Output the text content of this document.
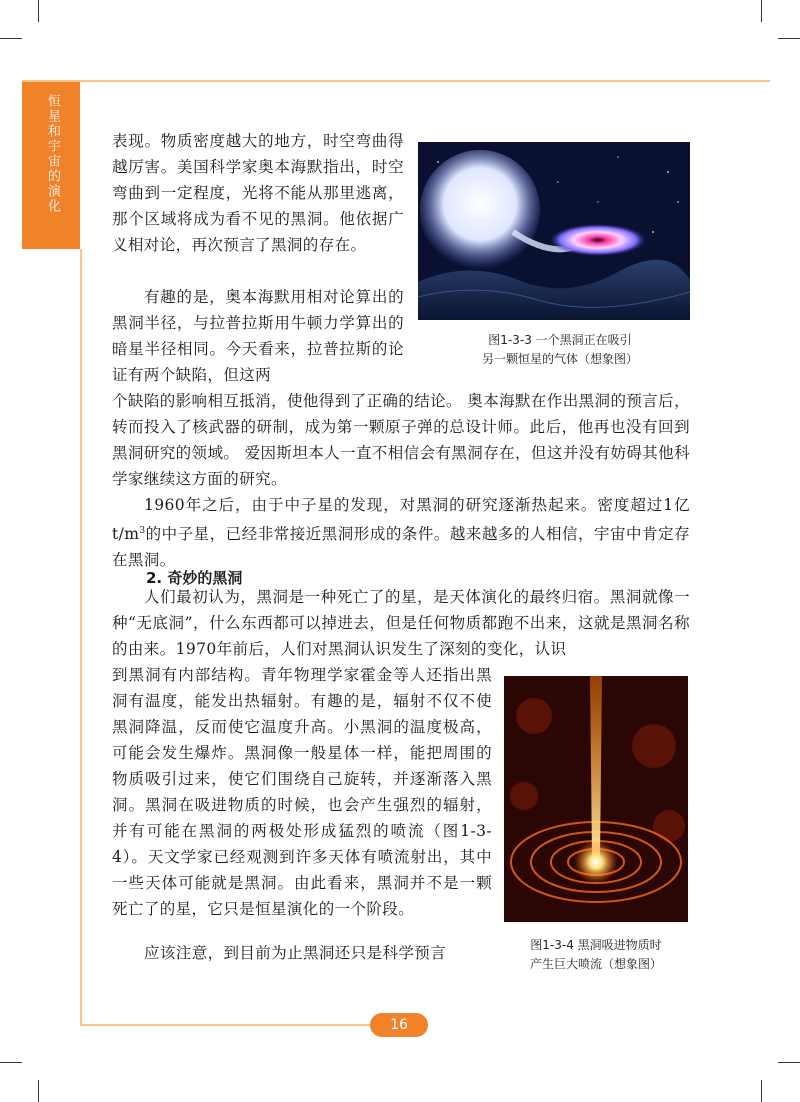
恒星和宇宙的演化	表现。物质密度越大的地方，时空弯曲得越厉害。美国科学家奥本海默指出，时空弯曲到一定程度，光将不能从那里逃离，那个区域将成为看不见的黑洞。他依据广义相对论，再次预言了黑洞的存在。

有趣的是，奥本海默用相对论算出的黑洞半径，与拉普拉斯用牛顿力学算出的暗星半径相同。今天看来，拉普拉斯的论证有两个缺陷，但这两

图1-3-3 一个黑洞正在吸引
另一颗恒星的气体（想象图）

个缺陷的影响相互抵消，使他得到了正确的结论。 奥本海默在作出黑洞的预言后，转而投入了核武器的研制，成为第一颗原子弹的总设计师。此后，他再也没有回到黑洞研究的领域。 爱因斯坦本人一直不相信会有黑洞存在，但这并没有妨碍其他科学家继续这方面的研究。

1960年之后，由于中子星的发现，对黑洞的研究逐渐热起来。密度超过1亿 $t/m^3$的中子星，已经非常接近黑洞形成的条件。越来越多的人相信，宇宙中肯定存在黑洞。

2. 奇妙的黑洞

人们最初认为，黑洞是一种死亡了的星，是天体演化的最终归宿。黑洞就像一种“无底洞”，什么东西都可以掉进去，但是任何物质都跑不出来，这就是黑洞名称的由来。1970年前后，人们对黑洞认识发生了深刻的变化，认识

到黑洞有内部结构。青年物理学家霍金等人还指出黑洞有温度，能发出热辐射。有趣的是，辐射不仅不使黑洞降温，反而使它温度升高。小黑洞的温度极高，可能会发生爆炸。黑洞像一般星体一样，能把周围的物质吸引过来，使它们围绕自己旋转，并逐渐落入黑洞。黑洞在吸进物质的时候，也会产生强烈的辐射，并有可能在黑洞的两极处形成猛烈的喷流（图1-3-4）。天文学家已经观测到许多天体有喷流射出，其中一些天体可能就是黑洞。由此看来，黑洞并不是一颗死亡了的星，它只是恒星演化的一个阶段。

图1-3-4 黑洞吸进物质时
产生巨大喷流（想象图）

应该注意，到目前为止黑洞还只是科学预言

16
